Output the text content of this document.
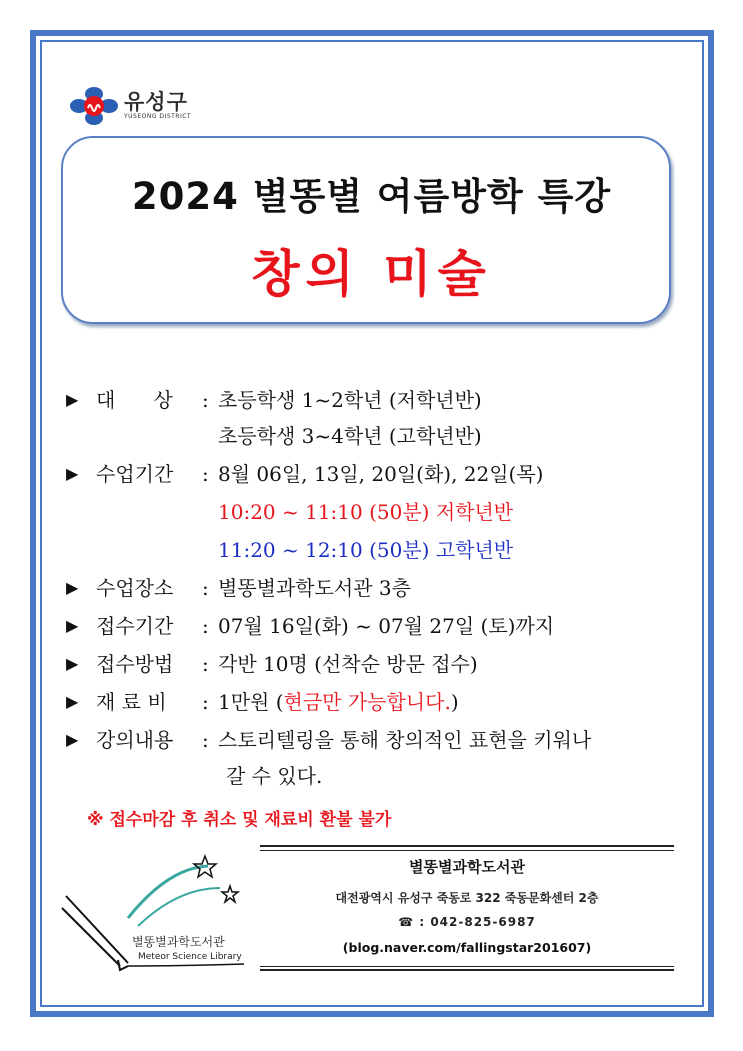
유성구
YUSEONG DISTRICT
2024 별똥별 여름방학 특강
창의 미술
▶ 대      상 : 초등학생 1~2학년 (저학년반)
초등학생 3~4학년 (고학년반)
▶ 수업기간 : 8월 06일, 13일, 20일(화), 22일(목)
10:20 ~ 11:10 (50분) 저학년반
11:20 ~ 12:10 (50분) 고학년반
▶ 수업장소 : 별똥별과학도서관 3층
▶ 접수기간 : 07월 16일(화) ~ 07월 27일 (토)까지
▶ 접수방법 : 각반 10명 (선착순 방문 접수)
▶ 재 료 비 : 1만원 (현금만 가능합니다.)
▶ 강의내용 : 스토리텔링을 통해 창의적인 표현을 키워나
갈 수 있다.
※ 접수마감 후 취소 및 재료비 환불 불가
별똥별과학도서관
Meteor Science Library
별똥별과학도서관
대전광역시 유성구 죽동로 322 죽동문화센터 2층
☎ : 042-825-6987
(blog.naver.com/fallingstar201607)
